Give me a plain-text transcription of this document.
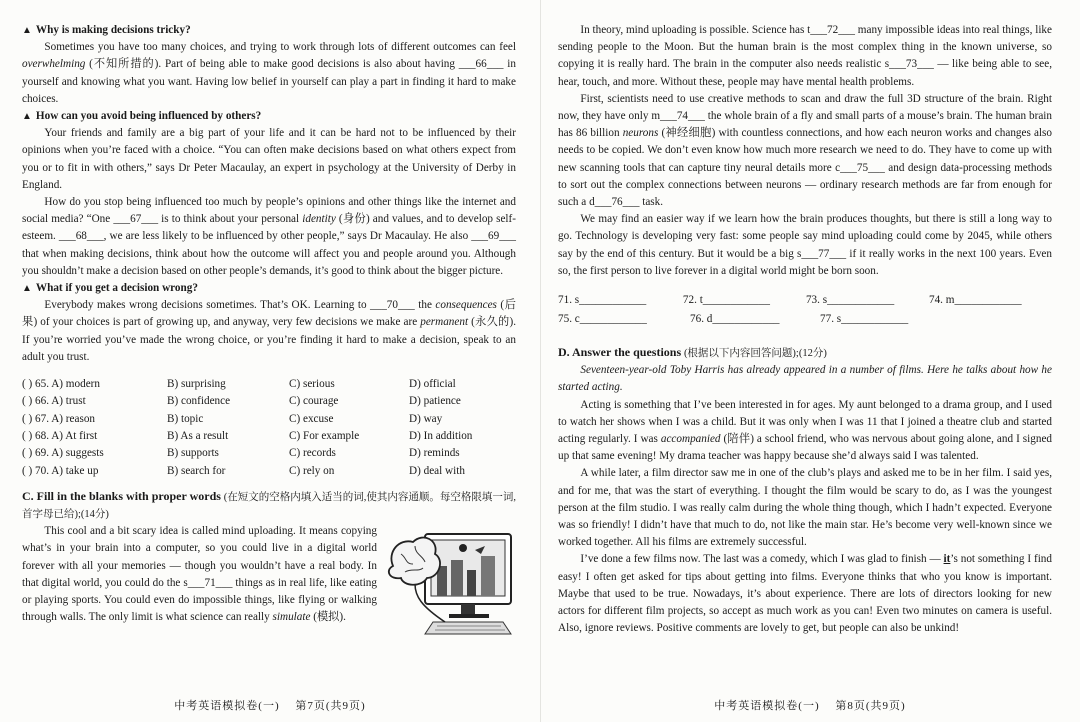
▲ Why is making decisions tricky?

Sometimes you have too many choices, and trying to work through lots of different outcomes can feel overwhelming (不知所措的). Part of being able to make good decisions is also about having ___66___ in yourself and knowing what you want. Having low belief in yourself can play a part in finding it hard to make choices.

▲ How can you avoid being influenced by others?

Your friends and family are a big part of your life and it can be hard not to be influenced by their opinions when you’re faced with a choice. “You can often make decisions based on what others expect from you or to fit in with others,” says Dr Peter Macaulay, an expert in psychology at the University of Derby in England.

How do you stop being influenced too much by people’s opinions and other things like the internet and social media? “One ___67___ is to think about your personal identity (身份) and values, and to develop self-esteem. ___68___, we are less likely to be influenced by other people,” says Dr Macaulay. He also ___69___ that when making decisions, think about how the outcome will affect you and people around you. Although you shouldn’t make a decision based on other people’s demands, it’s good to think about the bigger picture.

▲ What if you get a decision wrong?

Everybody makes wrong decisions sometimes. That’s OK. Learning to ___70___ the consequences (后果) of your choices is part of growing up, and anyway, very few decisions we make are permanent (永久的). If you’re worried you’ve made the wrong choice, or you’re finding it hard to make a decision, speak to an adult you trust.

( ) 65. A) modern	B) surprising	C) serious	D) official
( ) 66. A) trust	B) confidence	C) courage	D) patience
( ) 67. A) reason	B) topic	C) excuse	D) way
( ) 68. A) At first	B) As a result	C) For example	D) In addition
( ) 69. A) suggests	B) supports	C) records	D) reminds
( ) 70. A) take up	B) search for	C) rely on	D) deal with
C. Fill in the blanks with proper words (在短文的空格内填入适当的词,使其内容通顺。每空格限填一词,首字母已给);(14分)

This cool and a bit scary idea is called mind uploading. It means copying what’s in your brain into a computer, so you could live in a digital world forever with all your memories — though you wouldn’t have a real body. In that digital world, you could do the s___71___ things as in real life, like eating or playing sports. You could even do impossible things, like flying or walking through walls. The only limit is what science can really simulate (模拟).

中考英语模拟卷(一)　 第7页(共9页)

In theory, mind uploading is possible. Science has t___72___ many impossible ideas into real things, like sending people to the Moon. But the human brain is the most complex thing in the known universe, so copying it is really hard. The brain in the computer also needs realistic s___73___ — like being able to see, hear, touch, and more. Without these, people may have mental health problems.

First, scientists need to use creative methods to scan and draw the full 3D structure of the brain. Right now, they have only m___74___ the whole brain of a fly and small parts of a mouse’s brain. The human brain has 86 billion neurons (神经细胞) with countless connections, and how each neuron works and changes also needs to be copied. We don’t even know how much more research we need to do. They have to come up with new scanning tools that can capture tiny neural details more c___75___ and design data-processing methods to sort out the complex connections between neurons — ordinary research methods are far from enough for such a d___76___ task.

We may find an easier way if we learn how the brain produces thoughts, but there is still a long way to go. Technology is developing very fast: some people say mind uploading could come by 2045, while others say by the end of this century. But it would be a big s___77___ if it really works in the next 100 years. Even so, the first person to live forever in a digital world might be born soon.

71. s____________	72. t____________	73. s____________	74. m____________
75. c____________	76. d____________	77. s____________
D. Answer the questions (根据以下内容回答问题);(12分)

Seventeen-year-old Toby Harris has already appeared in a number of films. Here he talks about how he started acting.

Acting is something that I’ve been interested in for ages. My aunt belonged to a drama group, and I used to watch her shows when I was a child. But it was only when I was 11 that I joined a theatre club and started acting regularly. I was accompanied (陪伴) a school friend, who was nervous about going alone, and I signed up that same evening! My drama teacher was happy because she’d always said I was talented.

A while later, a film director saw me in one of the club’s plays and asked me to be in her film. I said yes, and for me, that was the start of everything. I thought the film would be scary to do, as I was the youngest person at the film studio. I was really calm during the whole thing though, which I hadn’t expected. Everyone was so friendly! I didn’t have that much to do, not like the main star. He’s become very well-known since we worked together. All his films are extremely successful.

I’ve done a few films now. The last was a comedy, which I was glad to finish — it’s not something I find easy! I often get asked for tips about getting into films. Everyone thinks that who you know is important. Maybe that used to be true. Nowadays, it’s about experience. There are lots of directors looking for new actors for different film projects, so accept as much work as you can! Even two minutes on camera is useful. Also, ignore reviews. Positive comments are lovely to get, but people can also be unkind!

中考英语模拟卷(一)　 第8页(共9页)
